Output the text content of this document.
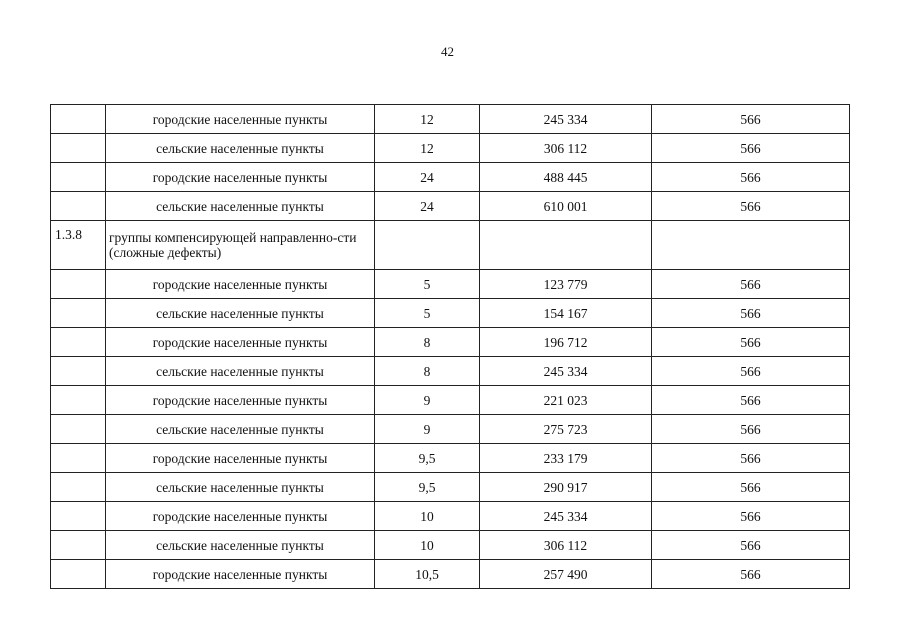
42
	городские населенные пункты	12	245 334	566
	сельские населенные пункты	12	306 112	566
	городские населенные пункты	24	488 445	566
	сельские населенные пункты	24	610 001	566
1.3.8	группы компенсирующей направленно-сти (сложные дефекты)			
	городские населенные пункты	5	123 779	566
	сельские населенные пункты	5	154 167	566
	городские населенные пункты	8	196 712	566
	сельские населенные пункты	8	245 334	566
	городские населенные пункты	9	221 023	566
	сельские населенные пункты	9	275 723	566
	городские населенные пункты	9,5	233 179	566
	сельские населенные пункты	9,5	290 917	566
	городские населенные пункты	10	245 334	566
	сельские населенные пункты	10	306 112	566
	городские населенные пункты	10,5	257 490	566
